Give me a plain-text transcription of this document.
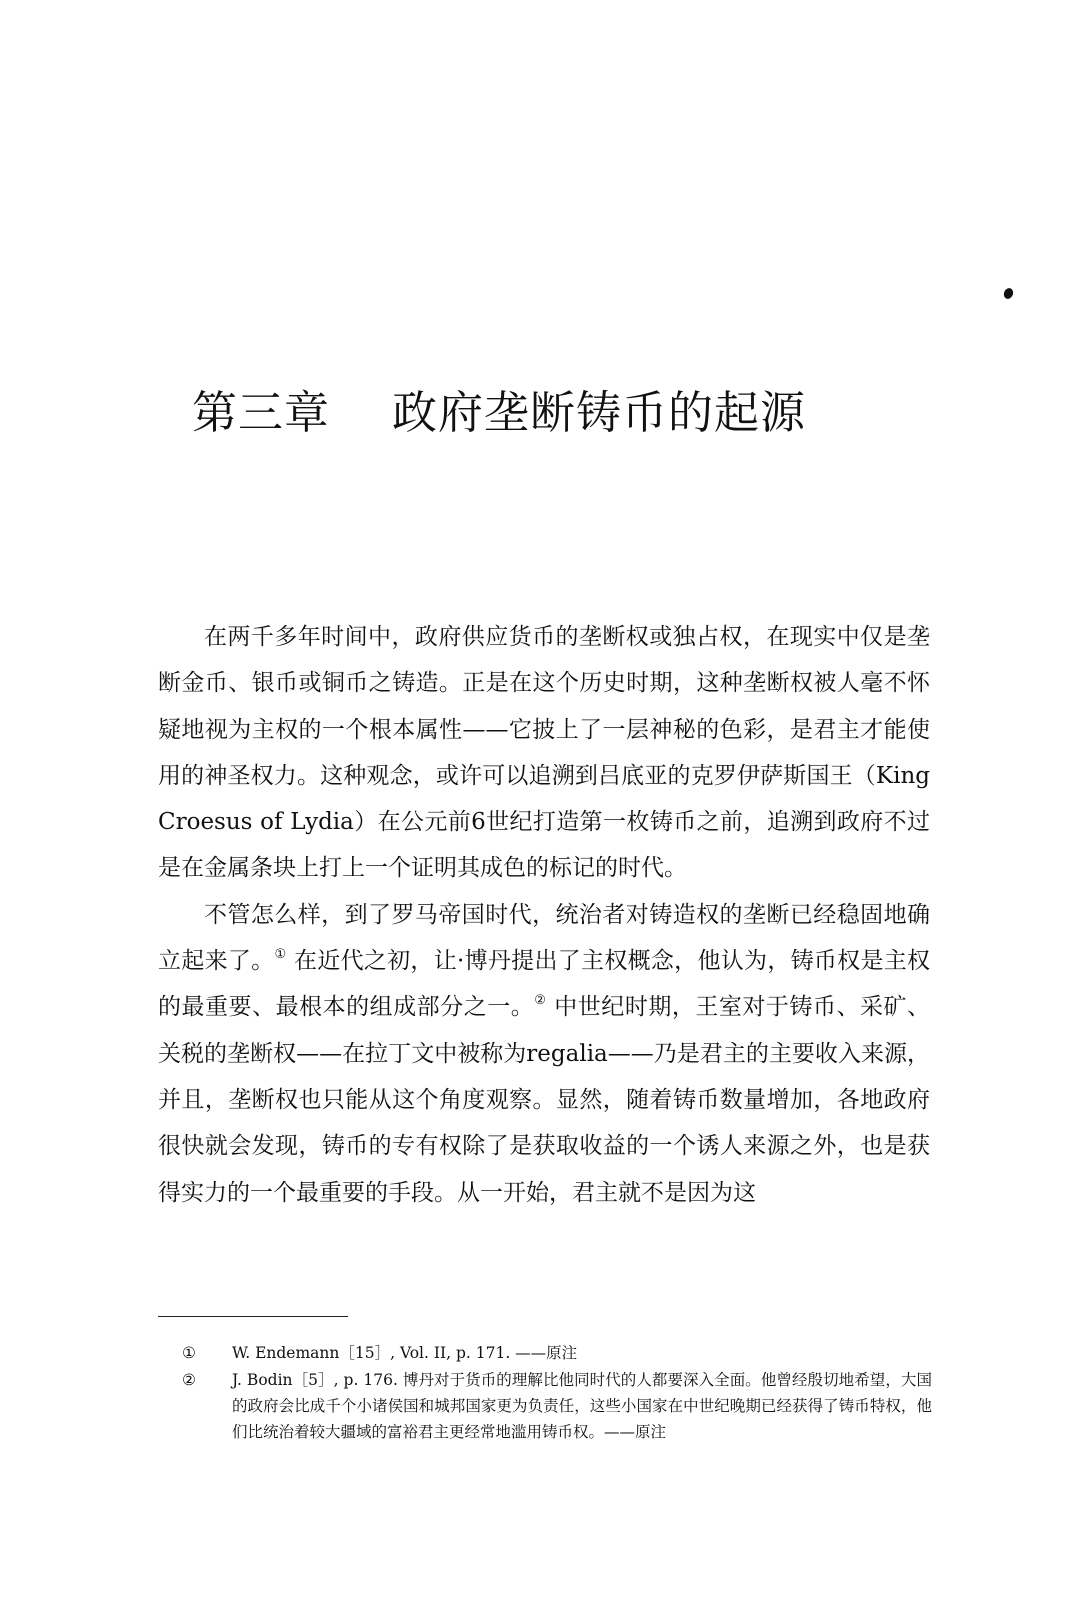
第三章 政府垄断铸币的起源

在两千多年时间中，政府供应货币的垄断权或独占权，在现实中仅是垄断金币、银币或铜币之铸造。正是在这个历史时期，这种垄断权被人毫不怀疑地视为主权的一个根本属性——它披上了一层神秘的色彩，是君主才能使用的神圣权力。这种观念，或许可以追溯到吕底亚的克罗伊萨斯国王（King Croesus of Lydia）在公元前6世纪打造第一枚铸币之前，追溯到政府不过是在金属条块上打上一个证明其成色的标记的时代。

不管怎么样，到了罗马帝国时代，统治者对铸造权的垄断已经稳固地确立起来了。① 在近代之初，让·博丹提出了主权概念，他认为，铸币权是主权的最重要、最根本的组成部分之一。② 中世纪时期，王室对于铸币、采矿、关税的垄断权——在拉丁文中被称为regalia——乃是君主的主要收入来源，并且，垄断权也只能从这个角度观察。显然，随着铸币数量增加，各地政府很快就会发现，铸币的专有权除了是获取收益的一个诱人来源之外，也是获得实力的一个最重要的手段。从一开始，君主就不是因为这

① W. Endemann［15］, Vol. II, p. 171. ——原注
② J. Bodin［5］, p. 176. 博丹对于货币的理解比他同时代的人都要深入全面。他曾经殷切地希望，大国的政府会比成千个小诸侯国和城邦国家更为负责任，这些小国家在中世纪晚期已经获得了铸币特权，他们比统治着较大疆域的富裕君主更经常地滥用铸币权。——原注
